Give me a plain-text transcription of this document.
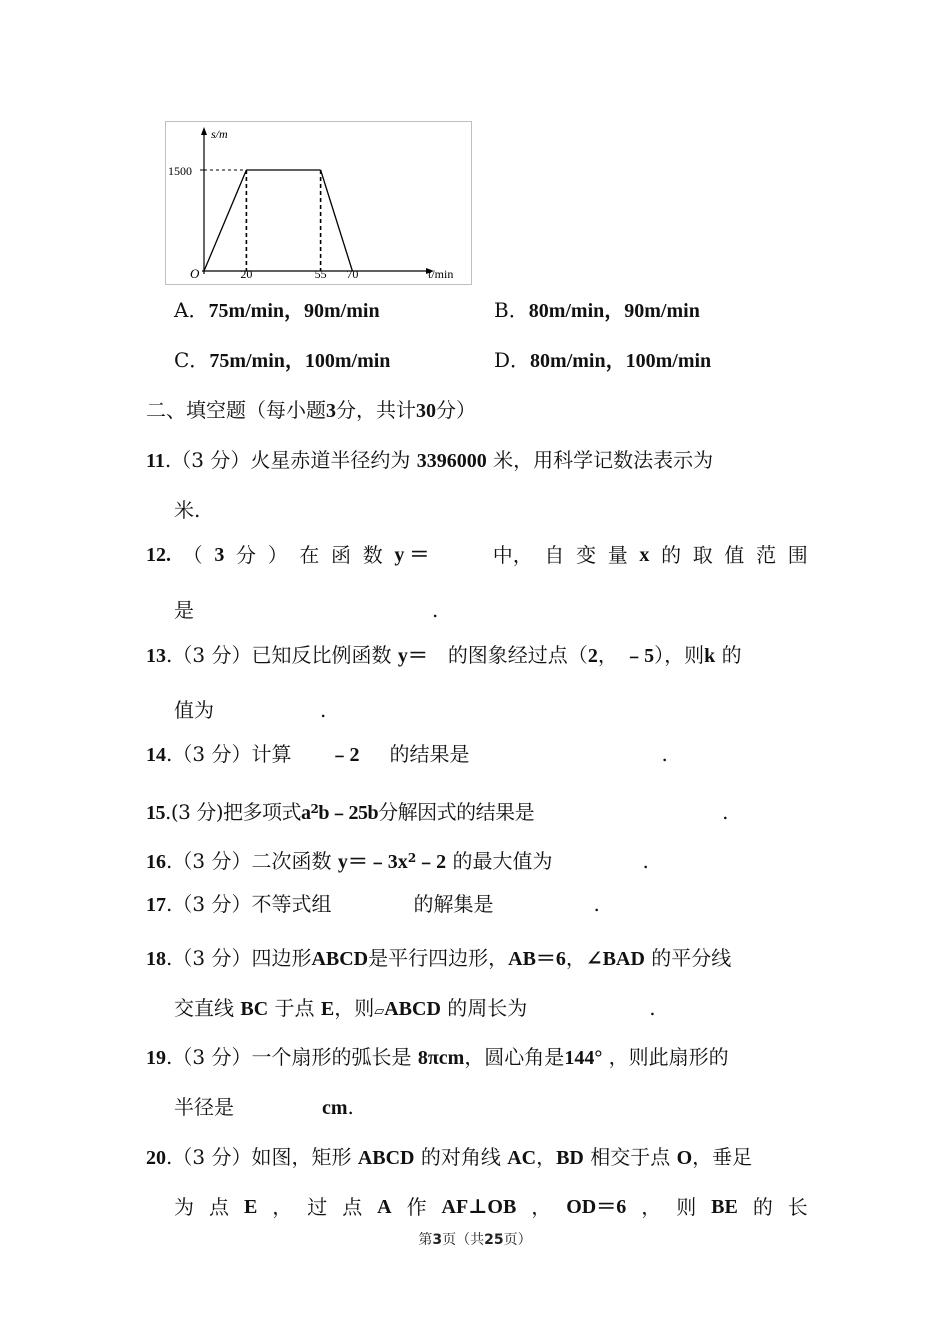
20	55 70
s/m
t/min
O
1500
A．75m/min，90m/min	B．80m/min，90m/min
C．75m/min，100m/min	D．80m/min，100m/min
二、填空题（每小题3分，共计30分）
11.（3 分）火星赤道半径约为 3396000 米，用科学记数法表示为
米.
12. （ 3 分 ） 在 函 数 y ＝	中， 自 变 量 x 的 取 值 范 围
是	.
13.（3 分）已知反比例函数 y＝ 的图象经过点（2， ﹣5），则k 的
值为	.
14.（3 分）计算 ﹣2 的结果是	.
15.(3 分)把多项式$a^2b﹣25b$分解因式的结果是	.
16.（3 分）二次函数 $y=﹣3x^2﹣2$ 的最大值为	.
17.（3 分）不等式组	的解集是	.
18.（3 分）四边形ABCD是平行四边形，AB＝6，∠BAD 的平分线
交直线 BC 于点 E，则▱ABCD 的周长为	.
19.（3 分）一个扇形的弧长是 8πcm，圆心角是144° ，则此扇形的
半径是	cm.
20.（3 分）如图，矩形 ABCD 的对角线 AC，BD 相交于点 O，垂足
为 点 E ， 过 点 A 作 AF⊥OB ， OD＝6 ， 则 BE 的 长
第3页（共25页）
